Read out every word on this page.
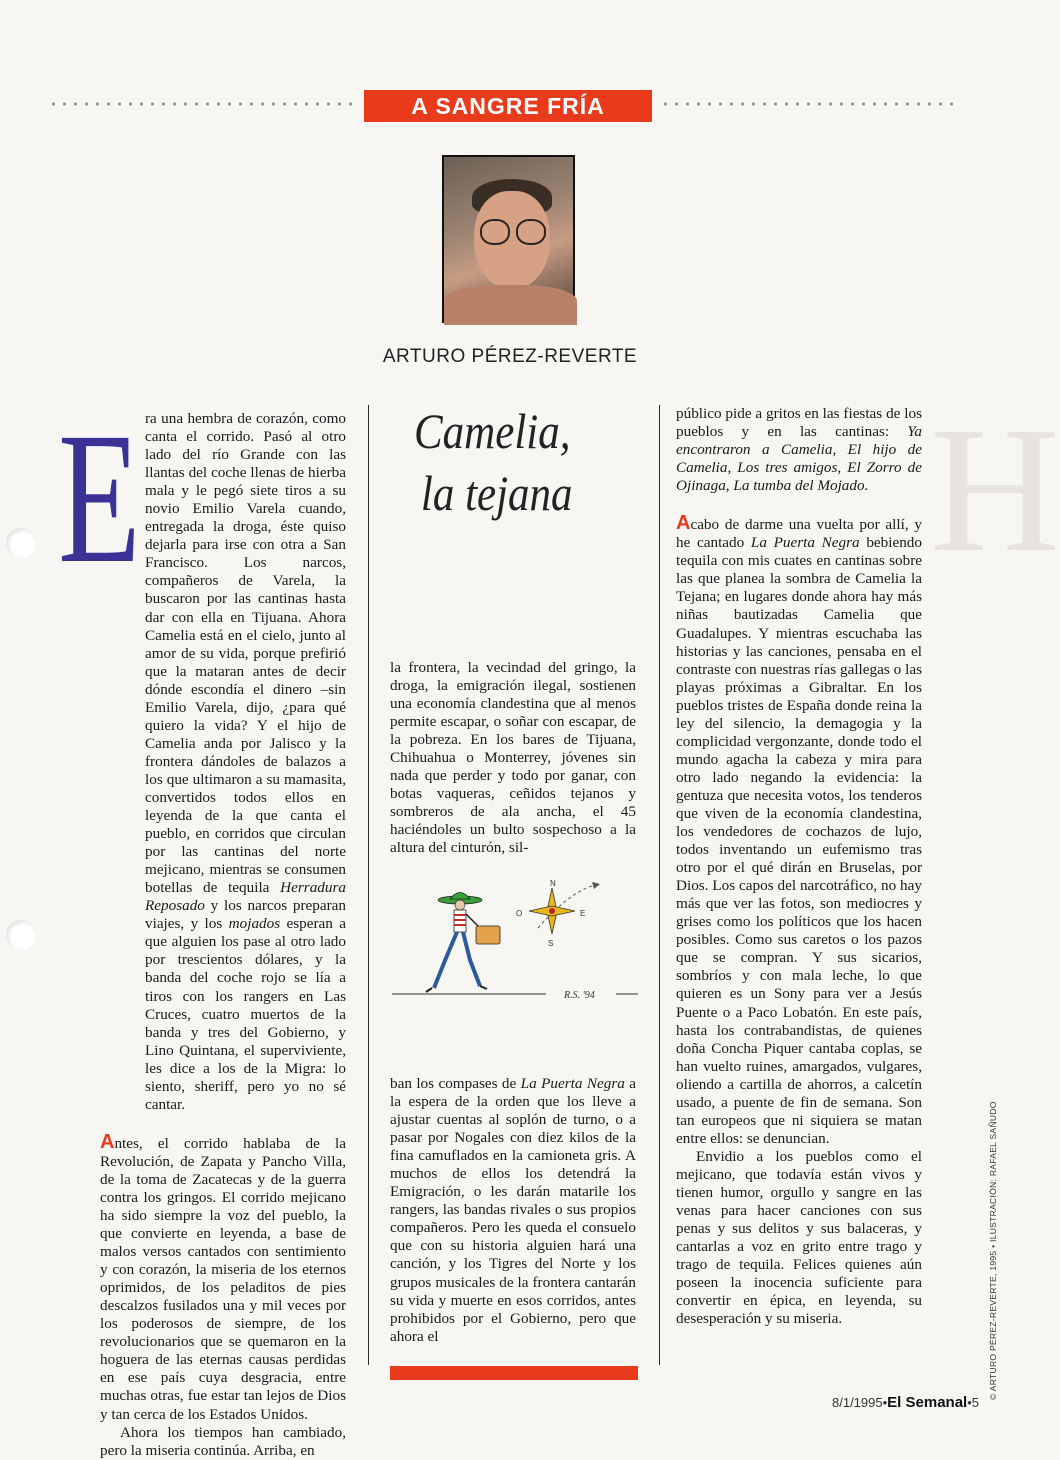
A SANGRE FRÍA
ARTURO PÉREZ-REVERTE
H
E ra una hembra de corazón, como canta el corrido. Pasó al otro lado del río Grande con las llantas del coche llenas de hierba mala y le pegó siete tiros a su novio Emilio Varela cuando, entregada la droga, éste quiso dejarla para irse con otra a San Francisco. Los narcos, compañeros de Varela, la buscaron por las cantinas hasta dar con ella en Tijuana. Ahora Camelia está en el cielo, junto al amor de su vida, porque prefirió que la mataran antes de decir dónde escondía el dinero –sin Emilio Varela, dijo, ¿para qué quiero la vida? Y el hijo de Camelia anda por Jalisco y la frontera dándoles de balazos a los que ultimaron a su mamasita, convertidos todos ellos en leyenda de la que canta el pueblo, en corridos que circulan por las cantinas del norte mejicano, mientras se consumen botellas de tequila Herradura Reposado y los narcos preparan viajes, y los mojados esperan a que alguien los pase al otro lado por trescientos dólares, y la banda del coche rojo se lía a tiros con los rangers en Las Cruces, cuatro muertos de la banda y tres del Gobierno, y Lino Quintana, el superviviente, les dice a los de la Migra: lo siento, sheriff, pero yo no sé cantar.

Antes, el corrido hablaba de la Revolución, de Zapata y Pancho Villa, de la toma de Zacatecas y de la guerra contra los gringos. El corrido mejicano ha sido siempre la voz del pueblo, la que convierte en leyenda, a base de malos versos cantados con sentimiento y con corazón, la miseria de los eternos oprimidos, de los peladitos de pies descalzos fusilados una y mil veces por los poderosos de siempre, de los revolucionarios que se quemaron en la hoguera de las eternas causas perdidas en ese país cuya desgracia, entre muchas otras, fue estar tan lejos de Dios y tan cerca de los Estados Unidos.

Ahora los tiempos han cambiado, pero la miseria continúa. Arriba, en

Camelia,
la tejana

la frontera, la vecindad del gringo, la droga, la emigración ilegal, sostienen una economía clandestina que al menos permite escapar, o soñar con escapar, de la pobreza. En los bares de Tijuana, Chihuahua o Monterrey, jóvenes sin nada que perder y todo por ganar, con botas vaqueras, ceñidos tejanos y sombreros de ala ancha, el 45 haciéndoles un bulto sospechoso a la altura del cinturón, sil-

N
E
S
O
R.S. '94

ban los compases de La Puerta Negra a la espera de la orden que los lleve a ajustar cuentas al soplón de turno, o a pasar por Nogales con diez kilos de la fina camuflados en la camioneta gris. A muchos de ellos los detendrá la Emigración, o les darán matarile los rangers, las bandas rivales o sus propios compañeros. Pero les queda el consuelo que con su historia alguien hará una canción, y los Tigres del Norte y los grupos musicales de la frontera cantarán su vida y muerte en esos corridos, antes prohibidos por el Gobierno, pero que ahora el

público pide a gritos en las fiestas de los pueblos y en las cantinas: Ya encontraron a Camelia, El hijo de Camelia, Los tres amigos, El Zorro de Ojinaga, La tumba del Mojado.

Acabo de darme una vuelta por allí, y he cantado La Puerta Negra bebiendo tequila con mis cuates en cantinas sobre las que planea la sombra de Camelia la Tejana; en lugares donde ahora hay más niñas bautizadas Camelia que Guadalupes. Y mientras escuchaba las historias y las canciones, pensaba en el contraste con nuestras rías gallegas o las playas próximas a Gibraltar. En los pueblos tristes de España donde reina la ley del silencio, la demagogia y la complicidad vergonzante, donde todo el mundo agacha la cabeza y mira para otro lado negando la evidencia: la gentuza que necesita votos, los tenderos que viven de la economía clandestina, los vendedores de cochazos de lujo, todos inventando un eufemismo tras otro por el qué dirán en Bruselas, por Dios. Los capos del narcotráfico, no hay más que ver las fotos, son mediocres y grises como los políticos que los hacen posibles. Como sus caretos o los pazos que se compran. Y sus sicarios, sombríos y con mala leche, lo que quieren es un Sony para ver a Jesús Puente o a Paco Lobatón. En este país, hasta los contrabandistas, de quienes doña Concha Piquer cantaba coplas, se han vuelto ruines, amargados, vulgares, oliendo a cartilla de ahorros, a calcetín usado, a puente de fin de semana. Son tan europeos que ni siquiera se matan entre ellos: se denuncian.

Envidio a los pueblos como el mejicano, que todavía están vivos y tienen humor, orgullo y sangre en las venas para hacer canciones con sus penas y sus delitos y sus balaceras, y cantarlas a voz en grito entre trago y trago de tequila. Felices quienes aún poseen la inocencia suficiente para convertir en épica, en leyenda, su desesperación y su miseria.	© ARTURO PÉREZ-REVERTE, 1995 • ILUSTRACIÓN: RAFAEL SAÑUDO
8/1/1995•El Semanal•5
